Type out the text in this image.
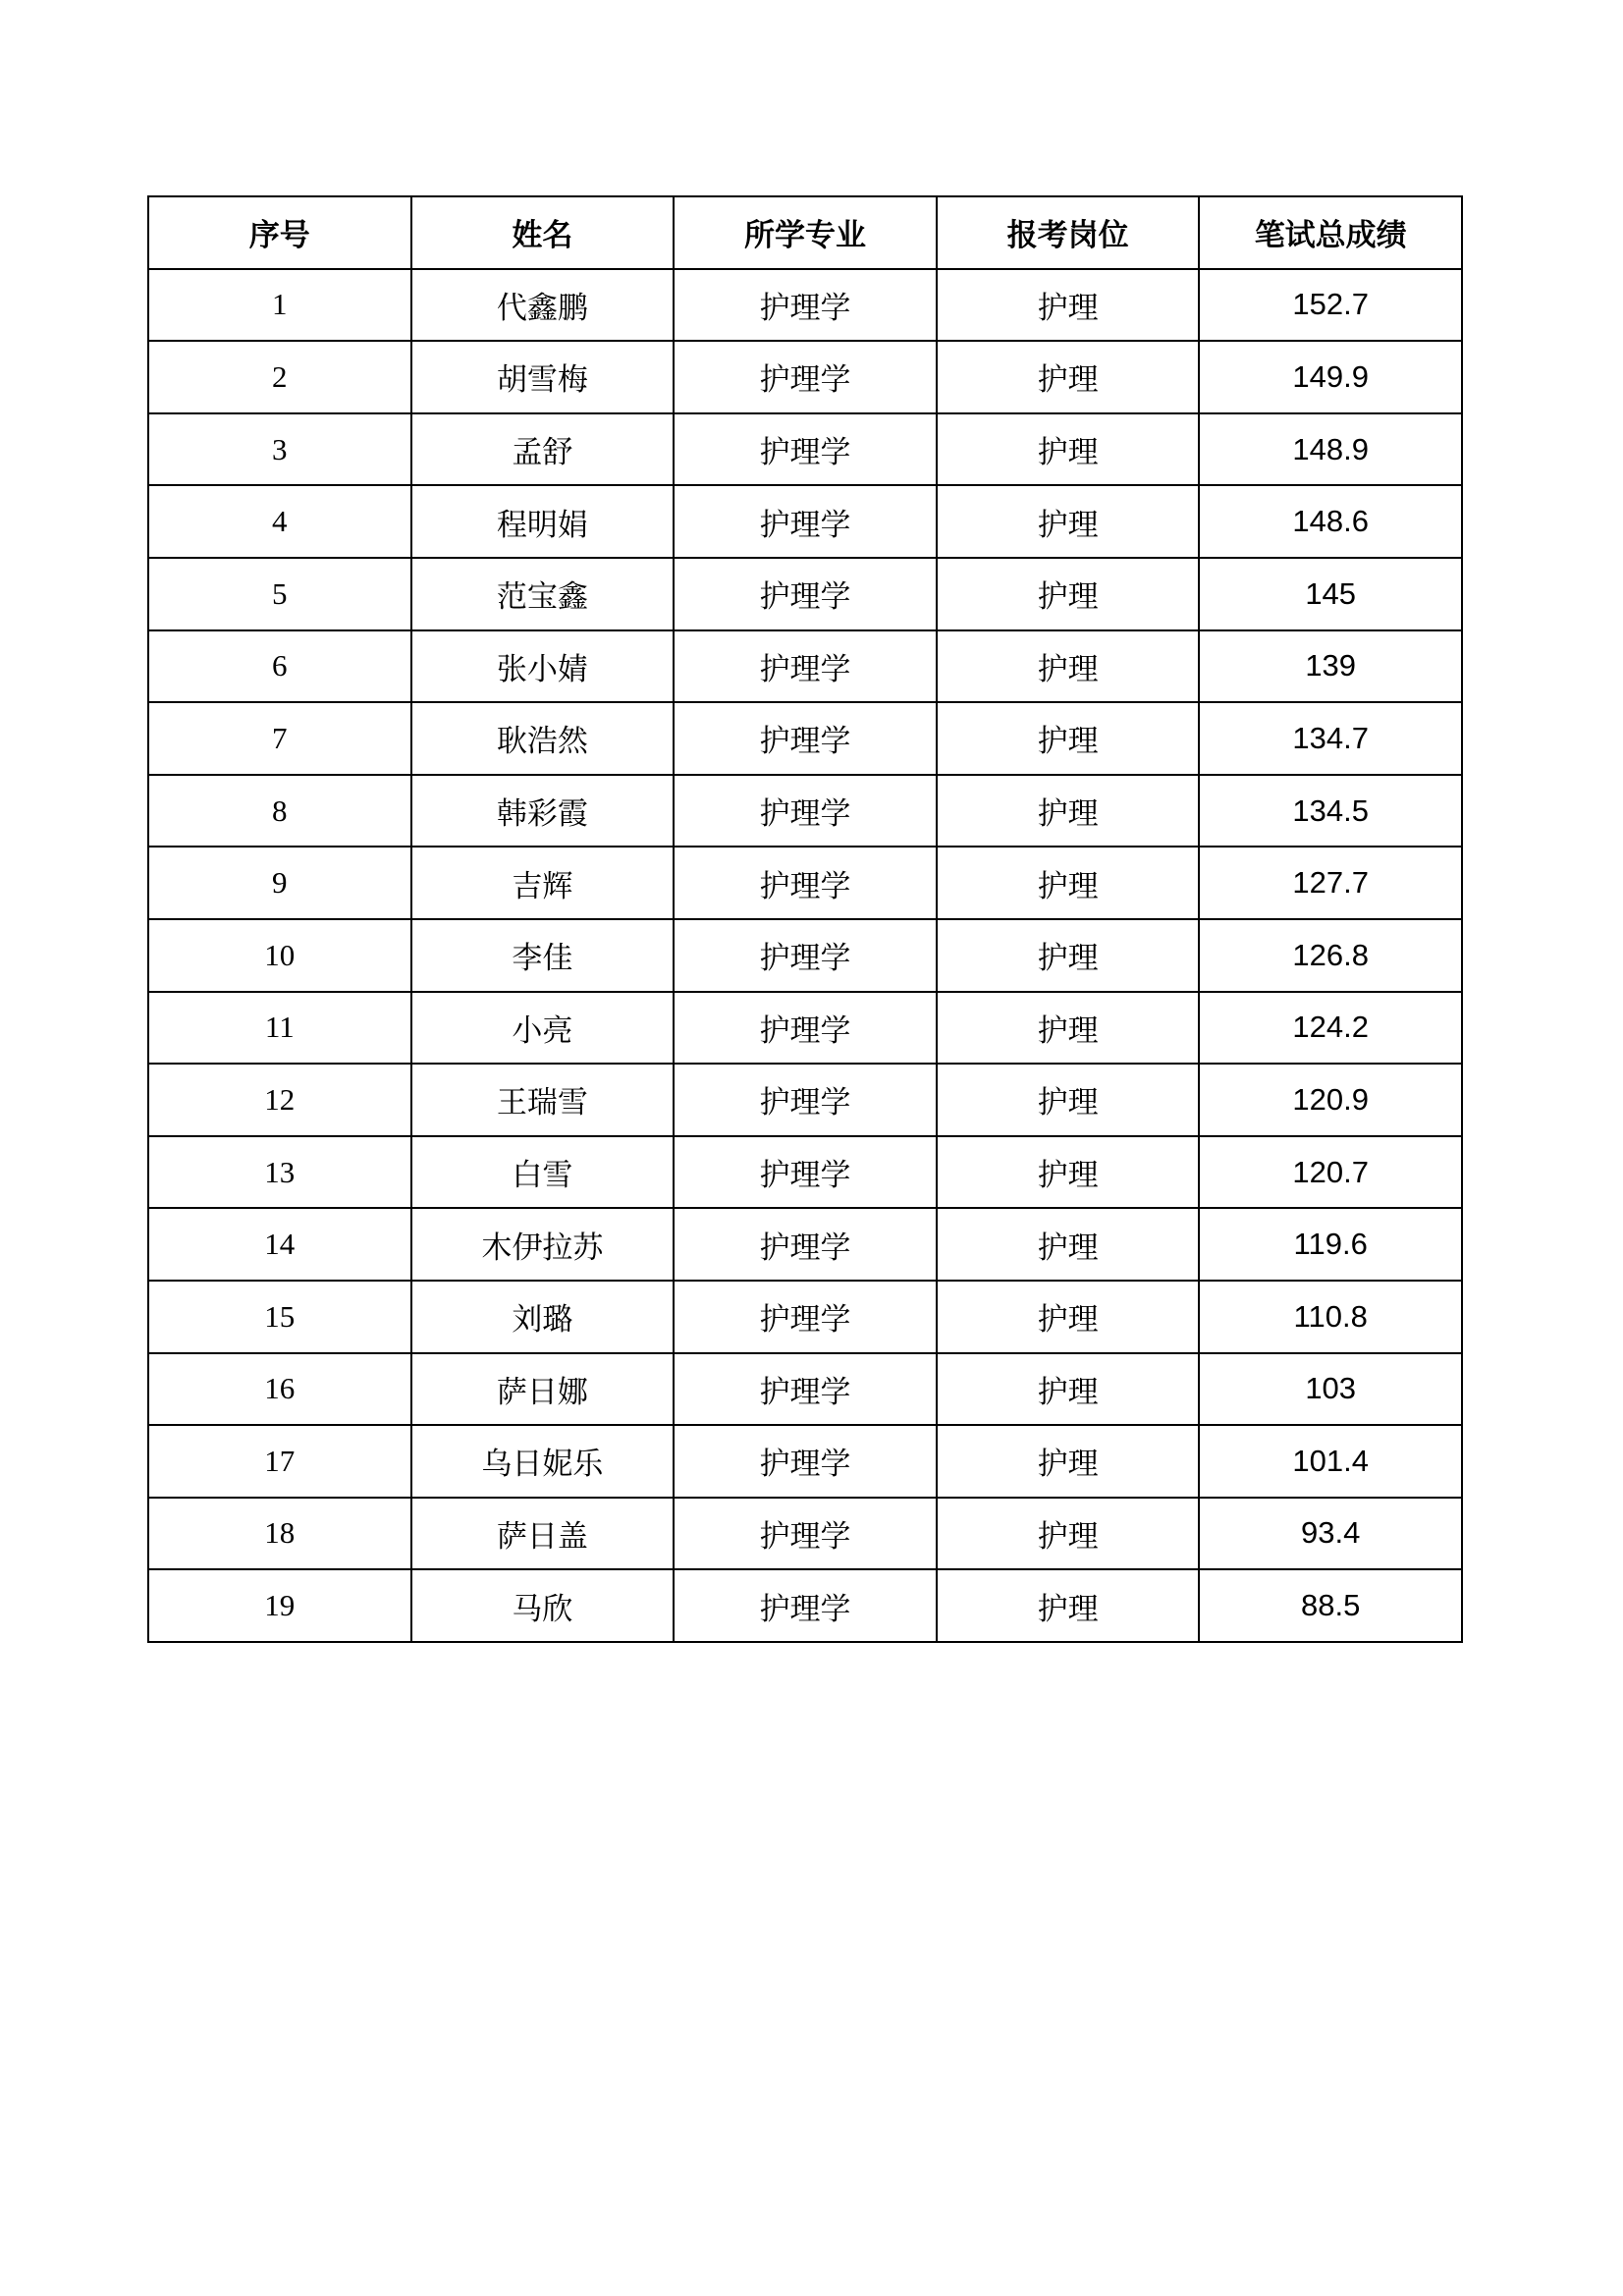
序号	姓名	所学专业	报考岗位	笔试总成绩
1	代鑫鹏	护理学	护理	152.7
2	胡雪梅	护理学	护理	149.9
3	孟舒	护理学	护理	148.9
4	程明娟	护理学	护理	148.6
5	范宝鑫	护理学	护理	145
6	张小婧	护理学	护理	139
7	耿浩然	护理学	护理	134.7
8	韩彩霞	护理学	护理	134.5
9	吉辉	护理学	护理	127.7
10	李佳	护理学	护理	126.8
11	小亮	护理学	护理	124.2
12	王瑞雪	护理学	护理	120.9
13	白雪	护理学	护理	120.7
14	木伊拉苏	护理学	护理	119.6
15	刘璐	护理学	护理	110.8
16	萨日娜	护理学	护理	103
17	乌日妮乐	护理学	护理	101.4
18	萨日盖	护理学	护理	93.4
19	马欣	护理学	护理	88.5
